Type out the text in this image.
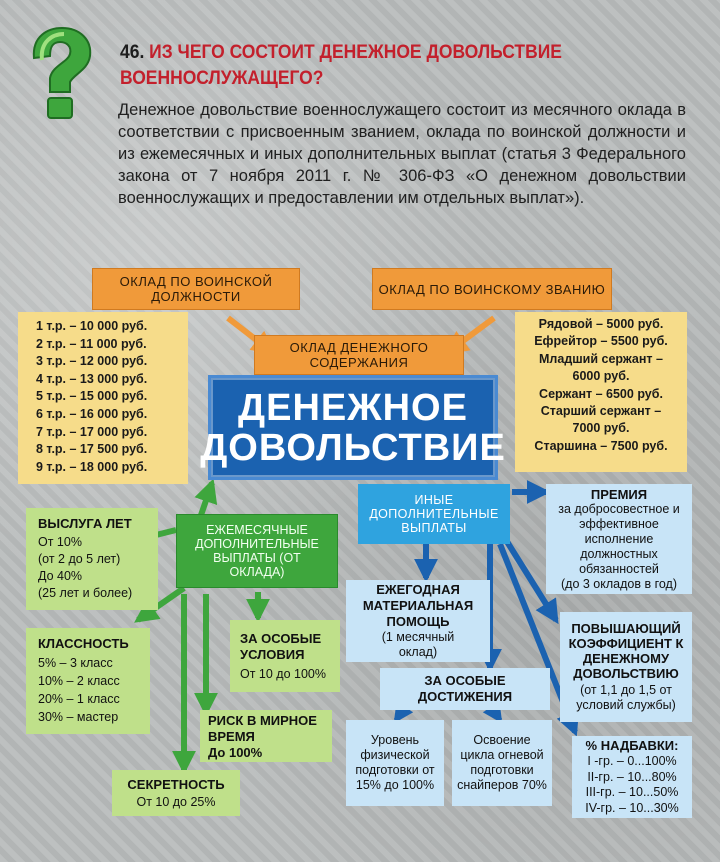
46. ИЗ ЧЕГО СОСТОИТ ДЕНЕЖНОЕ ДОВОЛЬСТВИЕ
ВОЕННОСЛУЖАЩЕГО?
Денежное довольствие военнослужащего состоит из месячного оклада в соответствии с присвоенным званием, оклада по воинской должности и из ежемесячных и иных дополнительных выплат (статья 3 Федерального закона от 7 ноября 2011 г. № 306-ФЗ «О денежном довольствии военнослужащих и предоставлении им отдельных выплат»).
ОКЛАД ПО ВОИНСКОЙ ДОЛЖНОСТИ	ОКЛАД ПО ВОИНСКОМУ ЗВАНИЮ
ОКЛАД ДЕНЕЖНОГО СОДЕРЖАНИЯ
1 т.р. – 10 000 руб.
2 т.р. – 11 000 руб.
3 т.р. – 12 000 руб.
4 т.р. – 13 000 руб.
5 т.р. – 15 000 руб.
6 т.р. – 16 000 руб.
7 т.р. – 17 000 руб.
8 т.р. – 17 500 руб.
9 т.р. – 18 000 руб.
Рядовой – 5000 руб.
Ефрейтор – 5500 руб.
Младший сержант –
6000 руб.
Сержант – 6500 руб.
Старший сержант –
7000 руб.
Старшина – 7500 руб.
ДЕНЕЖНОЕ ДОВОЛЬСТВИЕ
ЕЖЕМЕСЯЧНЫЕ ДОПОЛНИТЕЛЬНЫЕ ВЫПЛАТЫ (ОТ ОКЛАДА)
ВЫСЛУГА ЛЕТ
От 10%
(от 2 до 5 лет)
До 40%
(25 лет и более)
КЛАССНОСТЬ
5% – 3 класс
10% – 2 класс
20% – 1 класс
30% – мастер
ЗА ОСОБЫЕ УСЛОВИЯ
От 10 до 100%
РИСК В МИРНОЕ ВРЕМЯ
До 100%
СЕКРЕТНОСТЬ
От 10 до 25%
ИНЫЕ ДОПОЛНИТЕЛЬНЫЕ ВЫПЛАТЫ
ЕЖЕГОДНАЯ МАТЕРИАЛЬНАЯ ПОМОЩЬ
(1 месячный оклад)
ЗА ОСОБЫЕ ДОСТИЖЕНИЯ
Уровень физической подготовки от 15% до 100%
Освоение цикла огневой подготовки снайперов 70%
ПРЕМИЯ
за добросовестное и эффективное исполнение должностных обязанностей
(до 3 окладов в год)
ПОВЫШАЮЩИЙ КОЭФФИЦИЕНТ К ДЕНЕЖНОМУ ДОВОЛЬСТВИЮ
(от 1,1 до 1,5 от условий службы)
% НАДБАВКИ:
I -гр. – 0...100%
II-гр. – 10...80%
III-гр. – 10...50%
IV-гр. – 10...30%
